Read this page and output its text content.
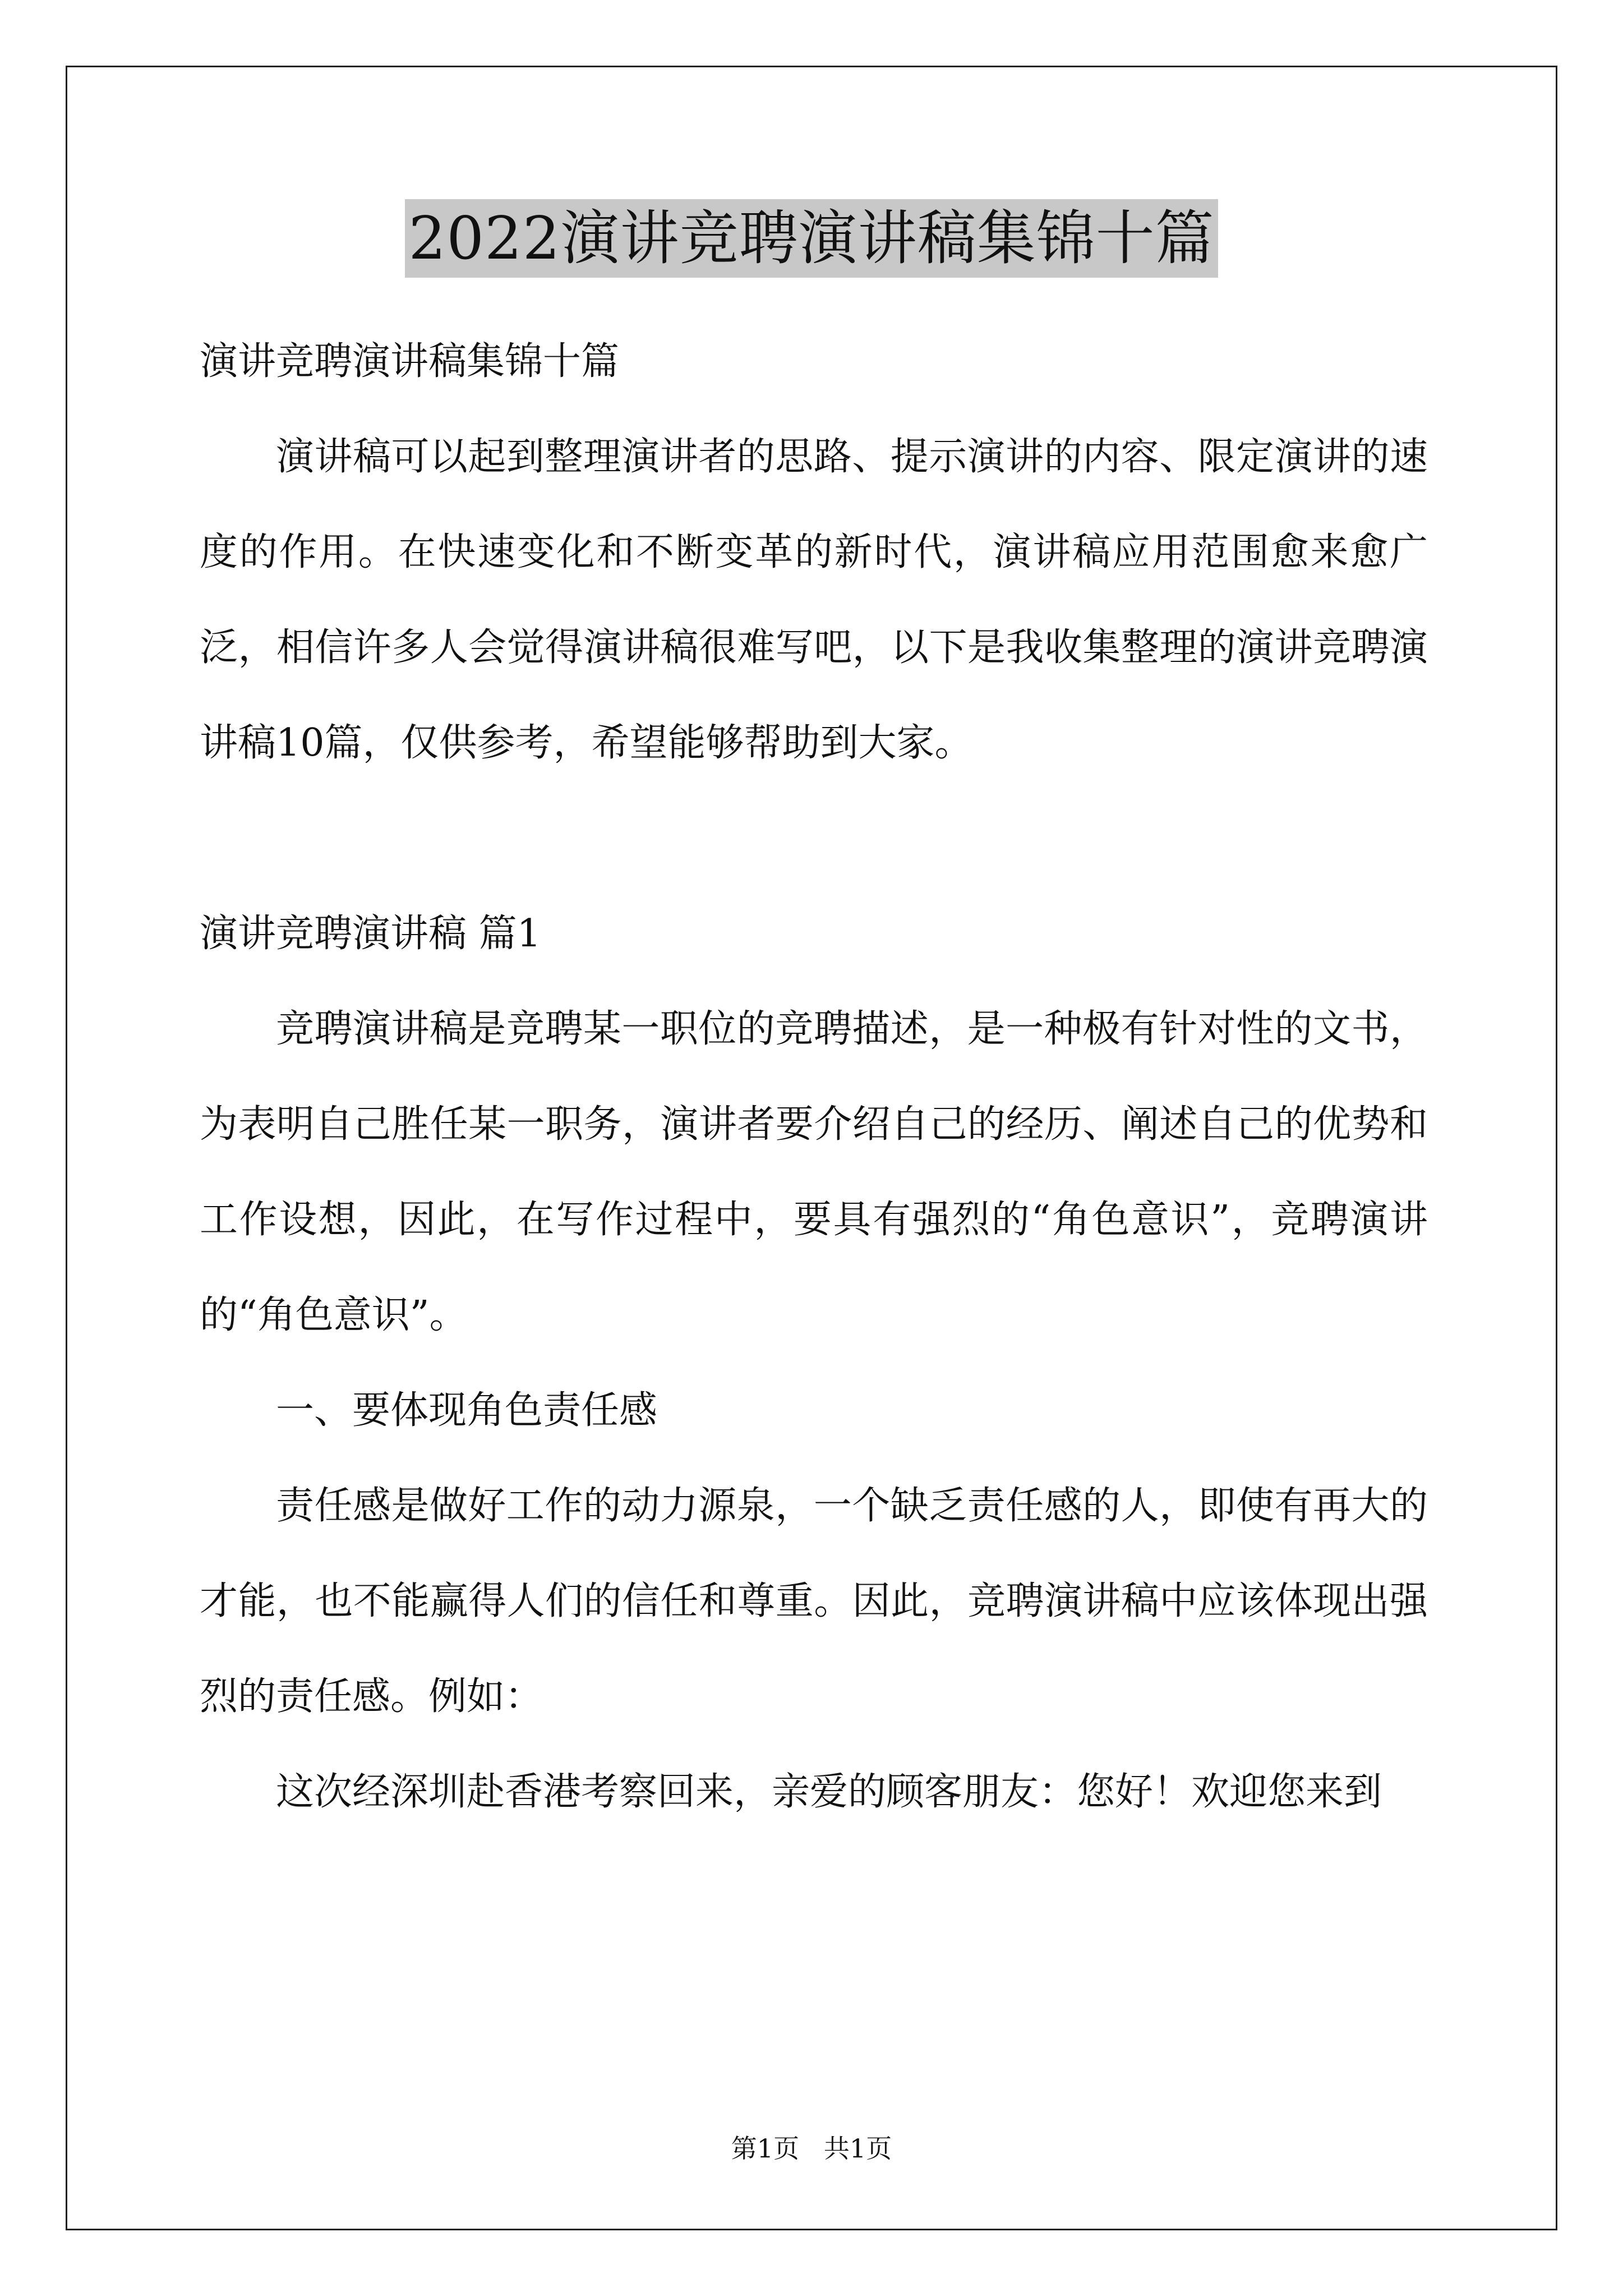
2022演讲竞聘演讲稿集锦十篇

演讲竞聘演讲稿集锦十篇

演讲稿可以起到整理演讲者的思路、提示演讲的内容、限定演讲的速度的作用。在快速变化和不断变革的新时代，演讲稿应用范围愈来愈广泛，相信许多人会觉得演讲稿很难写吧，以下是我收集整理的演讲竞聘演讲稿10篇，仅供参考，希望能够帮助到大家。

演讲竞聘演讲稿 篇1

竞聘演讲稿是竞聘某一职位的竞聘描述，是一种极有针对性的文书，为表明自己胜任某一职务，演讲者要介绍自己的经历、阐述自己的优势和工作设想，因此，在写作过程中，要具有强烈的“角色意识”，竞聘演讲的“角色意识”。

一、要体现角色责任感

责任感是做好工作的动力源泉，一个缺乏责任感的人，即使有再大的才能，也不能赢得人们的信任和尊重。因此，竞聘演讲稿中应该体现出强烈的责任感。例如：

这次经深圳赴香港考察回来，亲爱的顾客朋友：您好！欢迎您来到

第1页   共1页
